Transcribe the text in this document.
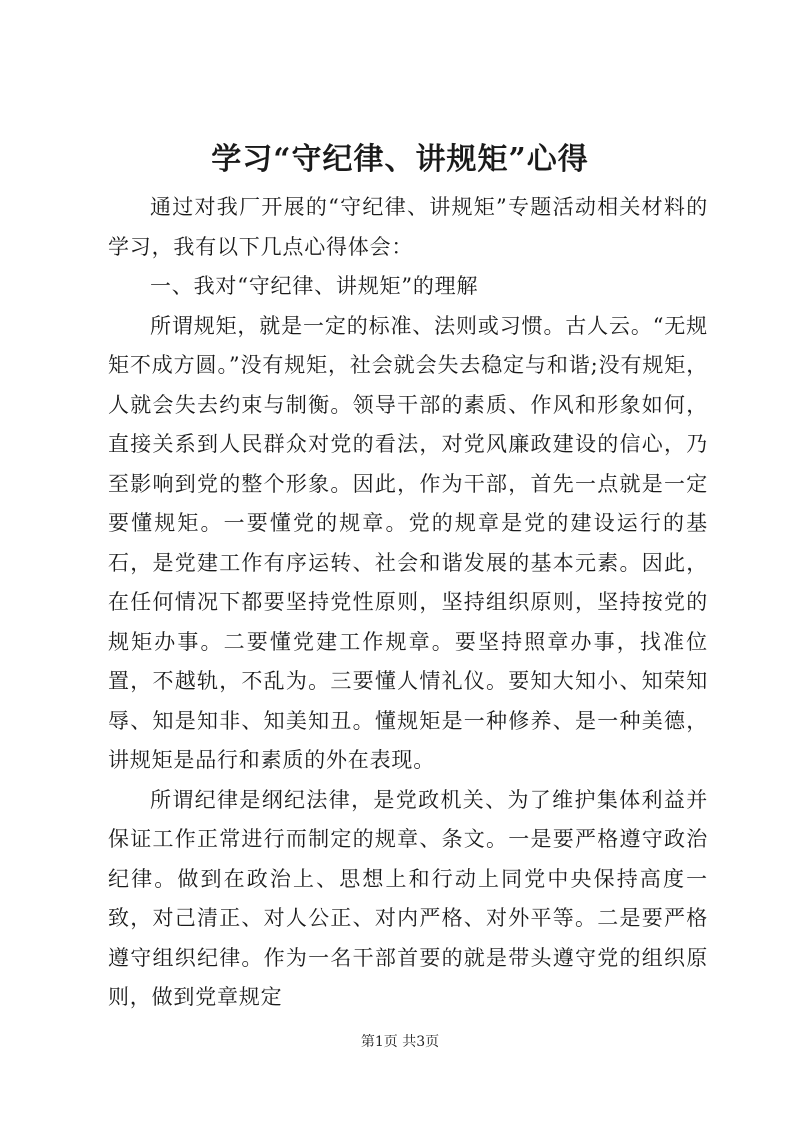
学习“守纪律、讲规矩”心得

通过对我厂开展的“守纪律、讲规矩”专题活动相关材料的学习，我有以下几点心得体会：

一、我对“守纪律、讲规矩”的理解

所谓规矩，就是一定的标准、法则或习惯。古人云。“无规矩不成方圆。”没有规矩，社会就会失去稳定与和谐;没有规矩，人就会失去约束与制衡。领导干部的素质、作风和形象如何，直接关系到人民群众对党的看法，对党风廉政建设的信心，乃至影响到党的整个形象。因此，作为干部，首先一点就是一定要懂规矩。一要懂党的规章。党的规章是党的建设运行的基石，是党建工作有序运转、社会和谐发展的基本元素。因此，在任何情况下都要坚持党性原则，坚持组织原则，坚持按党的规矩办事。二要懂党建工作规章。要坚持照章办事，找准位置，不越轨，不乱为。三要懂人情礼仪。要知大知小、知荣知辱、知是知非、知美知丑。懂规矩是一种修养、是一种美德，讲规矩是品行和素质的外在表现。

所谓纪律是纲纪法律，是党政机关、为了维护集体利益并保证工作正常进行而制定的规章、条文。一是要严格遵守政治纪律。做到在政治上、思想上和行动上同党中央保持高度一致，对己清正、对人公正、对内严格、对外平等。二是要严格遵守组织纪律。作为一名干部首要的就是带头遵守党的组织原则，做到党章规定

第1页 共3页
